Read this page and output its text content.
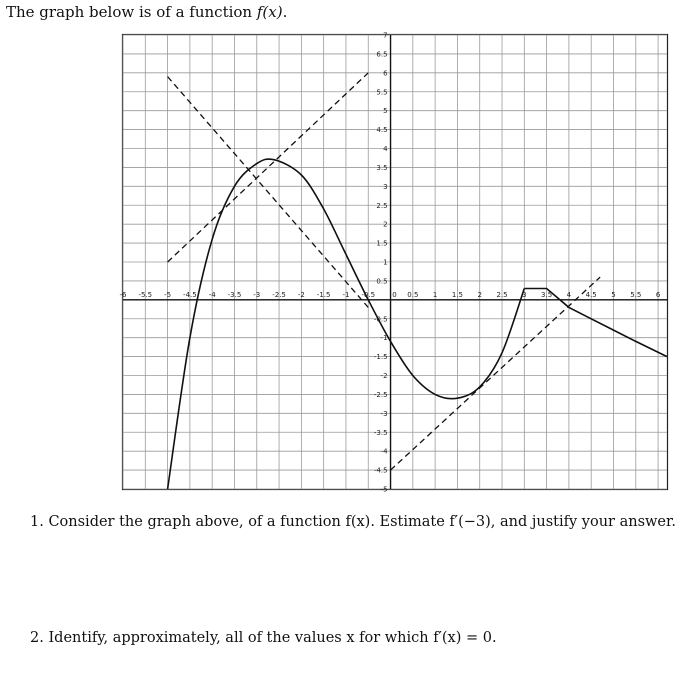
The graph below is of a function f(x).
-6 -5.5 -5 -4.5 -4 -3.5 -3 -2.5 -2 -1.5 -1 -0.5 0 0.5 1 1.5 2 2.5 3 3.5 4 4.5 5 5.5 6
7
6.5
6
5.5
5
4.5
4
3.5
3
2.5
2
1.5
1
0.5
-0.5
-1
-1.5
-2
-2.5
-3
-3.5
-4
-4.5
-5
1. Consider the graph above, of a function f(x). Estimate f′(−3), and justify your answer.
2. Identify, approximately, all of the values x for which f′(x) = 0.
